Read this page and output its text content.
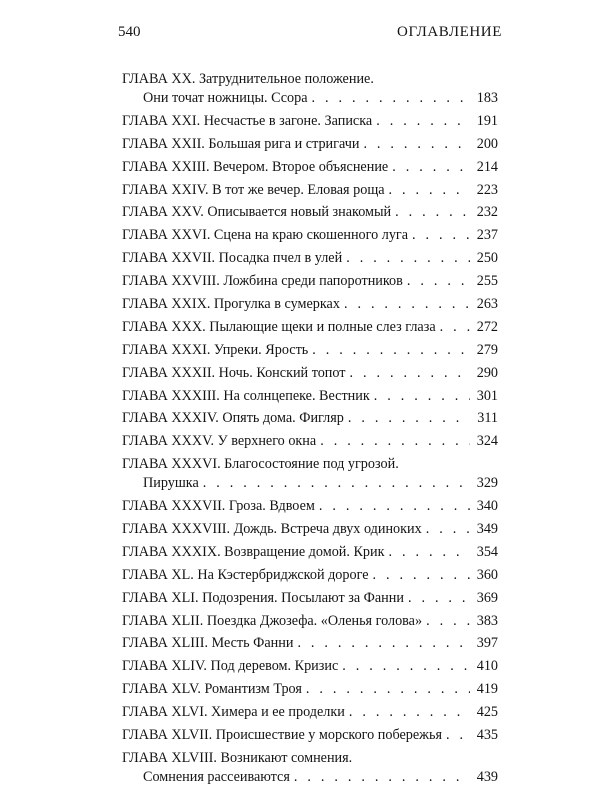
540	ОГЛАВЛЕНИЕ
ГЛАВА XX. Затруднительное положение.
Они точат ножницы. Ссора . . .	183
ГЛАВА XXI. Несчастье в загоне. Записка . . .	191
ГЛАВА XXII. Большая рига и стригачи . . .	200
ГЛАВА XXIII. Вечером. Второе объяснение . . .	214
ГЛАВА XXIV. В тот же вечер. Еловая роща . . .	223
ГЛАВА XXV. Описывается новый знакомый . . .	232
ГЛАВА XXVI. Сцена на краю скошенного луга . . .	237
ГЛАВА XXVII. Посадка пчел в улей . . .	250
ГЛАВА XXVIII. Ложбина среди папоротников . . .	255
ГЛАВА XXIX. Прогулка в сумерках . . .	263
ГЛАВА XXX. Пылающие щеки и полные слез глаза . . .	272
ГЛАВА XXXI. Упреки. Ярость . . .	279
ГЛАВА XXXII. Ночь. Конский топот . . .	290
ГЛАВА XXXIII. На солнцепеке. Вестник . . .	301
ГЛАВА XXXIV. Опять дома. Фигляр . . .	311
ГЛАВА XXXV. У верхнего окна . . .	324
ГЛАВА XXXVI. Благосостояние под угрозой.
Пирушка . . .	329
ГЛАВА XXXVII. Гроза. Вдвоем . . .	340
ГЛАВА XXXVIII. Дождь. Встреча двух одиноких . . .	349
ГЛАВА XXXIX. Возвращение домой. Крик . . .	354
ГЛАВА XL. На Кэстербриджской дороге . . .	360
ГЛАВА XLI. Подозрения. Посылают за Фанни . . .	369
ГЛАВА XLII. Поездка Джозефа. «Оленья голова» . . .	383
ГЛАВА XLIII. Месть Фанни . . .	397
ГЛАВА XLIV. Под деревом. Кризис . . .	410
ГЛАВА XLV. Романтизм Троя . . .	419
ГЛАВА XLVI. Химера и ее проделки . . .	425
ГЛАВА XLVII. Происшествие у морского побережья . . . 435
ГЛАВА XLVIII. Возникают сомнения.
Сомнения рассеиваются . . .	439
